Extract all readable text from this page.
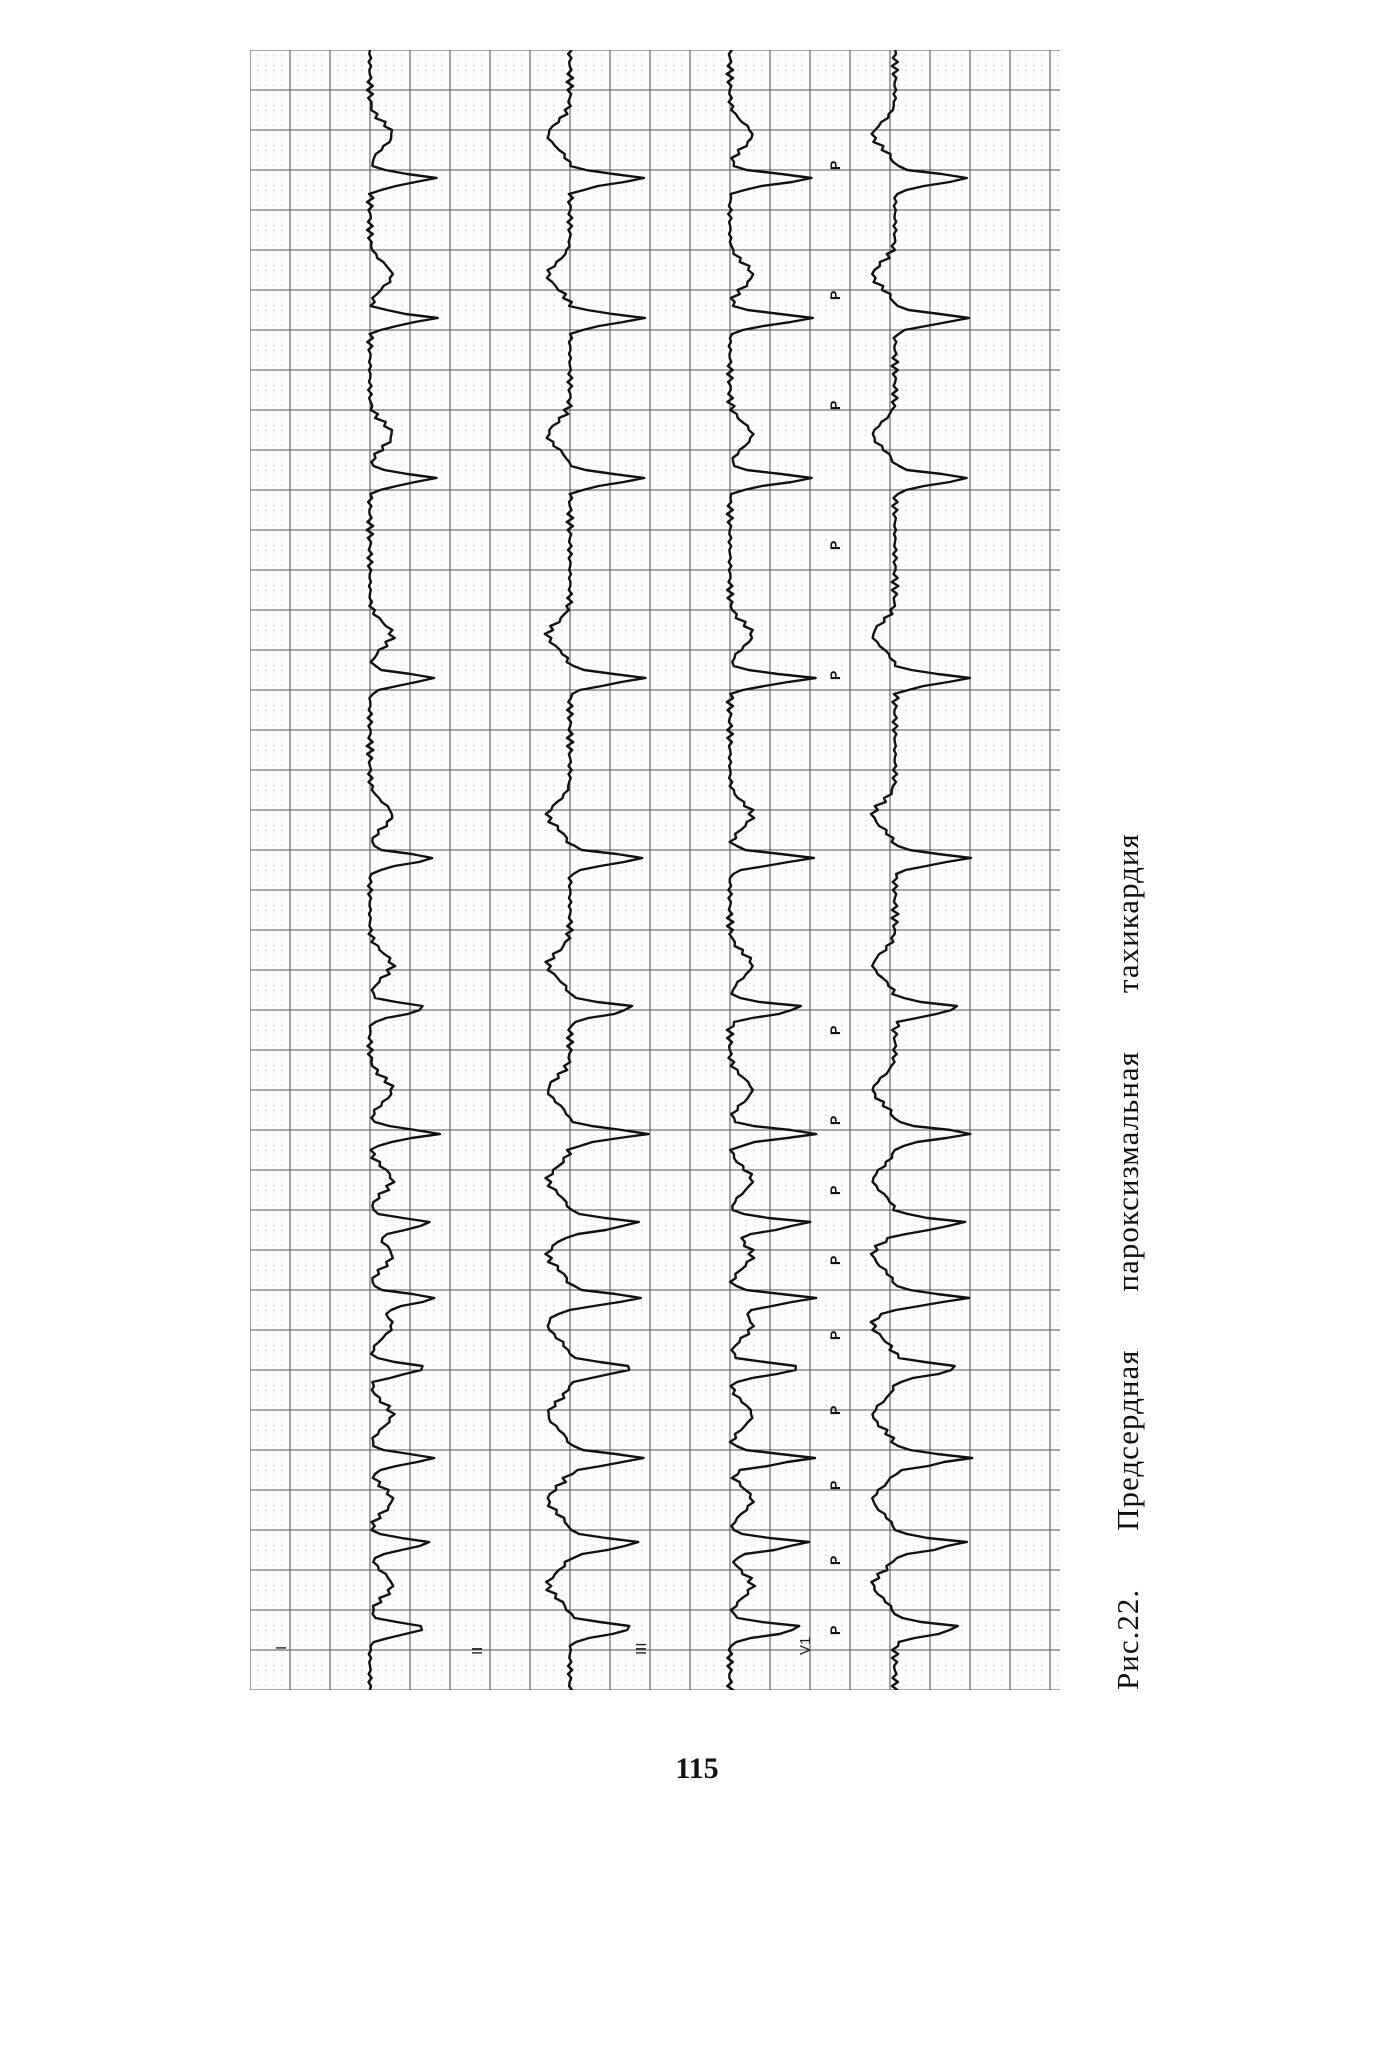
I	II	III	V1
P
P
P
P
P
P
P
P
P
P
P
P
P
P
Рис.22.
Предсердная
пароксизмальная
тахикардия
115
